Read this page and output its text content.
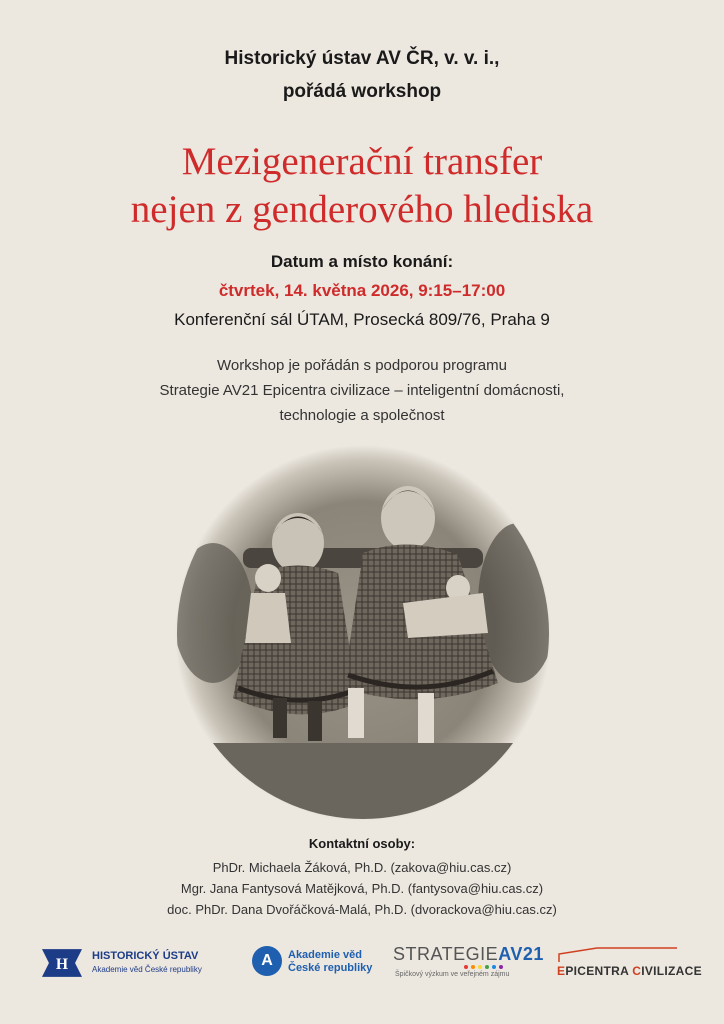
Historický ústav AV ČR, v. v. i.,
pořádá workshop
Mezigenerační transfer
nejen z genderového hlediska
Datum a místo konání:
čtvrtek, 14. května 2026, 9:15–17:00
Konferenční sál ÚTAM, Prosecká 809/76, Praha 9
Workshop je pořádán s podporou programu
Strategie AV21 Epicentra civilizace – inteligentní domácnosti,
technologie a společnost
Kontaktní osoby:
PhDr. Michaela Žáková, Ph.D. (zakova@hiu.cas.cz)
Mgr. Jana Fantysová Matějková, Ph.D. (fantysova@hiu.cas.cz)
doc. PhDr. Dana Dvořáčková-Malá, Ph.D. (dvorackova@hiu.cas.cz)
H
HISTORICKÝ ÚSTAV
Akademie věd České republiky
A	Akademie věd
České republiky
STRATEGIEAV21
Špičkový výzkum ve veřejném zájmu	EPICENTRA CIVILIZACE
